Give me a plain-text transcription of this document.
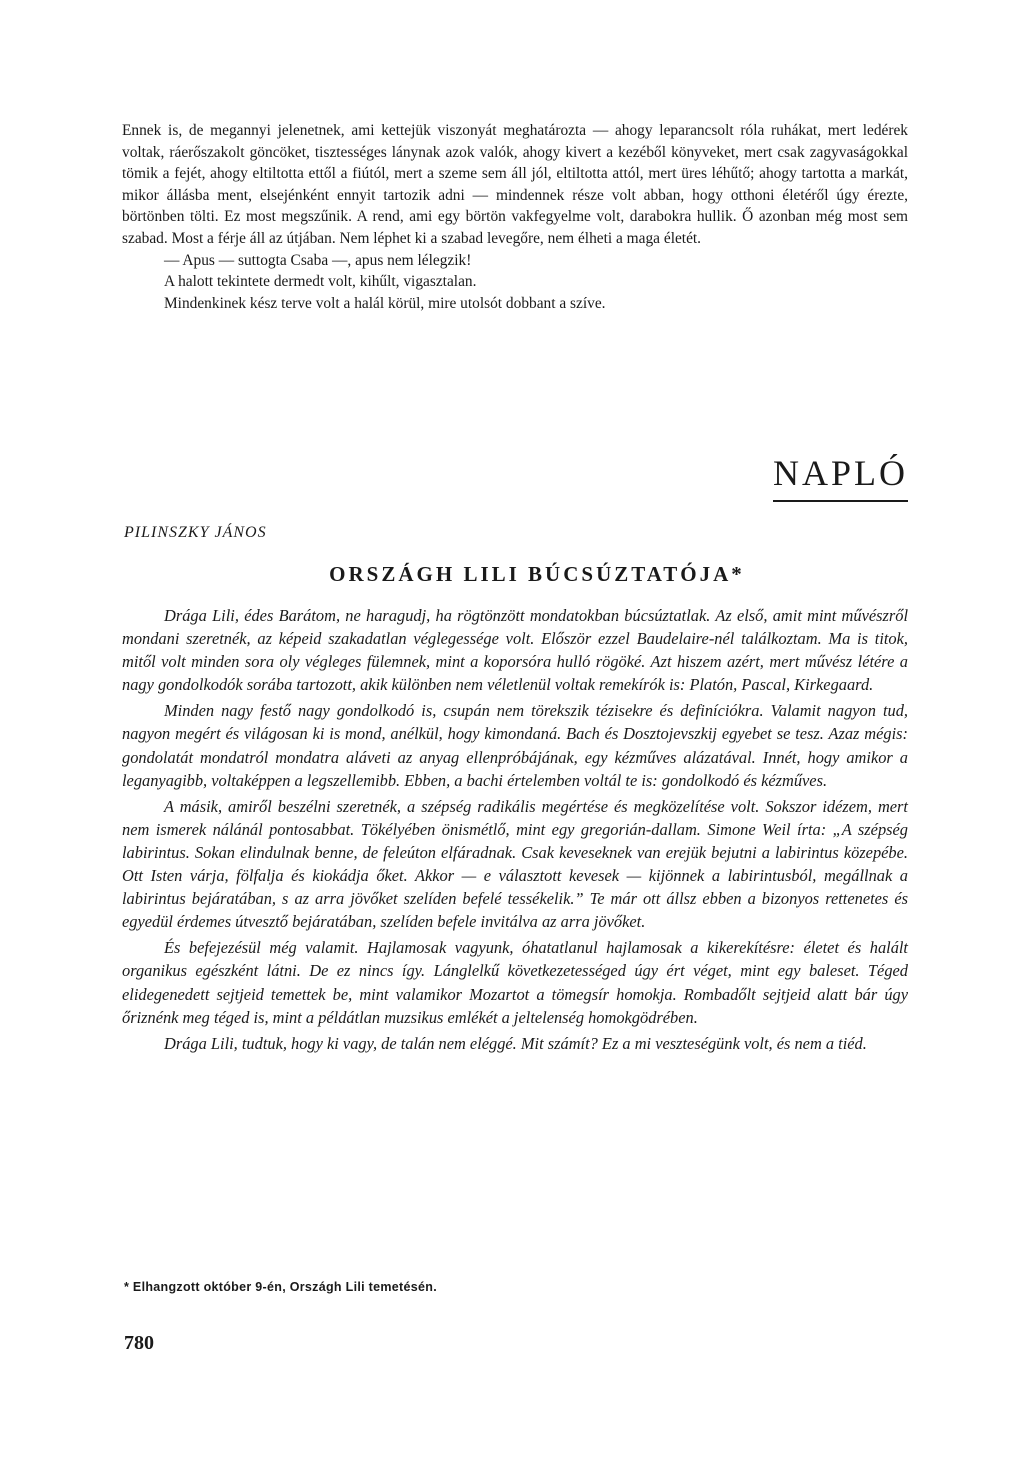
Ennek is, de megannyi jelenetnek, ami kettejük viszonyát meghatározta — ahogy leparancsolt róla ruhákat, mert ledérek voltak, ráerőszakolt göncöket, tisztességes lánynak azok valók, ahogy kivert a kezéből könyveket, mert csak zagyvaságokkal tömik a fejét, ahogy eltiltotta ettől a fiútól, mert a szeme sem áll jól, eltiltotta attól, mert üres léhűtő; ahogy tartotta a markát, mikor állásba ment, elsejénként ennyit tartozik adni — mindennek része volt abban, hogy otthoni életéről úgy érezte, börtönben tölti. Ez most megszűnik. A rend, ami egy börtön vakfegyelme volt, darabokra hullik. Ő azonban még most sem szabad. Most a férje áll az útjában. Nem léphet ki a szabad levegőre, nem élheti a maga életét.

— Apus — suttogta Csaba —, apus nem lélegzik!

A halott tekintete dermedt volt, kihűlt, vigasztalan.

Mindenkinek kész terve volt a halál körül, mire utolsót dobbant a szíve.

NAPLÓ

PILINSZKY JÁNOS

ORSZÁGH LILI BÚCSÚZTATÓJA*

Drága Lili, édes Barátom, ne haragudj, ha rögtönzött mondatokban búcsúztatlak. Az első, amit mint művészről mondani szeretnék, az képeid szakadatlan véglegessége volt. Először ezzel Baudelaire-nél találkoztam. Ma is titok, mitől volt minden sora oly végleges fülemnek, mint a koporsóra hulló rögöké. Azt hiszem azért, mert művész létére a nagy gondolkodók sorába tartozott, akik különben nem véletlenül voltak remekírók is: Platón, Pascal, Kirkegaard.

Minden nagy festő nagy gondolkodó is, csupán nem törekszik tézisekre és definíciókra. Valamit nagyon tud, nagyon megért és világosan ki is mond, anélkül, hogy kimondaná. Bach és Dosztojevszkij egyebet se tesz. Azaz mégis: gondolatát mondatról mondatra aláveti az anyag ellenpróbájának, egy kézműves alázatával. Innét, hogy amikor a leganyagibb, voltaképpen a legszellemibb. Ebben, a bachi értelemben voltál te is: gondolkodó és kézműves.

A másik, amiről beszélni szeretnék, a szépség radikális megértése és megközelítése volt. Sokszor idézem, mert nem ismerek nálánál pontosabbat. Tökélyében önismétlő, mint egy gregorián-dallam. Simone Weil írta: „A szépség labirintus. Sokan elindulnak benne, de feleúton elfáradnak. Csak keveseknek van erejük bejutni a labirintus közepébe. Ott Isten várja, fölfalja és kiokádja őket. Akkor — e választott kevesek — kijönnek a labirintusból, megállnak a labirintus bejáratában, s az arra jövőket szelíden befelé tessékelik.” Te már ott állsz ebben a bizonyos rettenetes és egyedül érdemes útvesztő bejáratában, szelíden befele invitálva az arra jövőket.

És befejezésül még valamit. Hajlamosak vagyunk, óhatatlanul hajlamosak a kikerekítésre: életet és halált organikus egészként látni. De ez nincs így. Lánglelkű következetességed úgy ért véget, mint egy baleset. Téged elidegenedett sejtjeid temettek be, mint valamikor Mozartot a tömegsír homokja. Rombadőlt sejtjeid alatt bár úgy őriznénk meg téged is, mint a példátlan muzsikus emlékét a jeltelenség homokgödrében.

Drága Lili, tudtuk, hogy ki vagy, de talán nem eléggé. Mit számít? Ez a mi veszteségünk volt, és nem a tiéd.

* Elhangzott október 9-én, Országh Lili temetésén.

780
